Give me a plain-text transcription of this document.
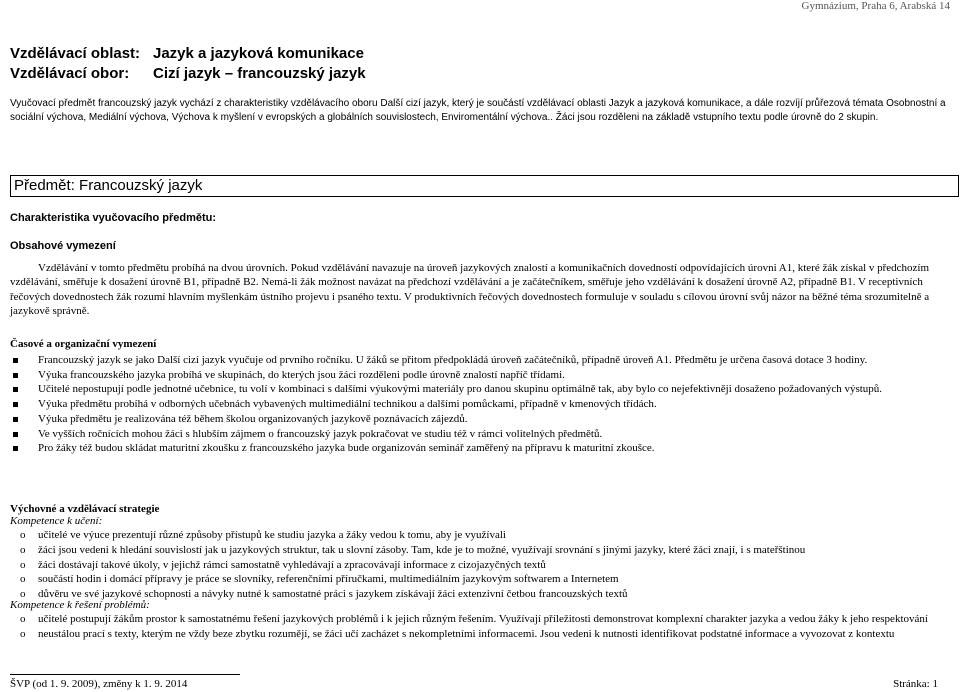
Gymnázium, Praha 6, Arabská 14
Vzdělávací oblast: Jazyk a jazyková komunikace
Vzdělávací obor:	Cizí jazyk – francouzský jazyk
Vyučovací předmět francouzský jazyk vychází z charakteristiky vzdělávacího oboru Další cizí jazyk, který je součástí vzdělávací oblasti Jazyk a jazyková komunikace, a dále rozvíjí průřezová témata Osobnostní a sociální výchova, Mediální výchova, Výchova k myšlení v evropských a globálních souvislostech, Enviromentální výchova.. Žáci jsou rozděleni na základě vstupního textu podle úrovně do 2 skupin.
Předmět: Francouzský jazyk
Charakteristika vyučovacího předmětu:
Obsahové vymezení
Vzdělávání v tomto předmětu probíhá na dvou úrovních. Pokud vzdělávání navazuje na úroveň jazykových znalostí a komunikačních dovedností odpovídajících úrovni A1, které žák získal v předchozím vzdělávání, směřuje k dosažení úrovně B1, případně B2. Nemá-li žák možnost navázat na předchozí vzdělávání a je začátečníkem, směřuje jeho vzdělávání k dosažení úrovně A2, případně B1. V receptivních řečových dovednostech žák rozumí hlavním myšlenkám ústního projevu i psaného textu. V produktivních řečových dovednostech formuluje v souladu s cílovou úrovní svůj názor na běžné téma srozumitelně a jazykově správně.
Časové a organizační vymezení
Francouzský jazyk se jako Další cizí jazyk vyučuje od prvního ročníku. U žáků se přitom předpokládá úroveň začátečníků, případně úroveň A1. Předmětu je určena časová dotace 3 hodiny.
Výuka francouzského jazyka probíhá ve skupinách, do kterých jsou žáci rozděleni podle úrovně znalostí napříč třídami.
Učitelé nepostupují podle jednotné učebnice, tu volí v kombinaci s dalšími výukovými materiály pro danou skupinu optimálně tak, aby bylo co nejefektivněji dosaženo požadovaných výstupů.
Výuka předmětu probíhá v odborných učebnách vybavených multimediální technikou a dalšími pomůckami, případně v kmenových třídách.
Výuka předmětu je realizována též během školou organizovaných jazykově poznávacích zájezdů.
Ve vyšších ročnících mohou žáci s hlubším zájmem o francouzský jazyk pokračovat ve studiu též v rámci volitelných předmětů.
Pro žáky též budou skládat maturitní zkoušku z francouzského jazyka bude organizován seminář zaměřený na přípravu k maturitní zkoušce.
Výchovné a vzdělávací strategie
Kompetence k učení:
o učitelé ve výuce prezentují různé způsoby přístupů ke studiu jazyka a žáky vedou k tomu, aby je využívali
o žáci jsou vedeni k hledání souvislostí jak u jazykových struktur, tak u slovní zásoby. Tam, kde je to možné, využívají srovnání s jinými jazyky, které žáci znají, i s mateřštinou
o žáci dostávají takové úkoly, v jejichž rámci samostatně vyhledávají a zpracovávají informace z cizojazyčných textů
o součástí hodin i domácí přípravy je práce se slovníky, referenčními příručkami, multimediálním jazykovým softwarem a Internetem
o důvěru ve své jazykové schopnosti a návyky nutné k samostatné práci s jazykem získávají žáci extenzivní četbou francouzských textů
Kompetence k řešení problémů:
o učitelé postupují žákům prostor k samostatnému řešení jazykových problémů i k jejich různým řešením. Využívají příležitosti demonstrovat komplexní charakter jazyka a vedou žáky k jeho respektování
o neustálou prací s texty, kterým ne vždy beze zbytku rozumějí, se žáci učí zacházet s nekompletními informacemi. Jsou vedeni k nutnosti identifikovat podstatné informace a vyvozovat z kontextu
ŠVP (od 1. 9. 2009), změny k 1. 9. 2014	Stránka: 1
